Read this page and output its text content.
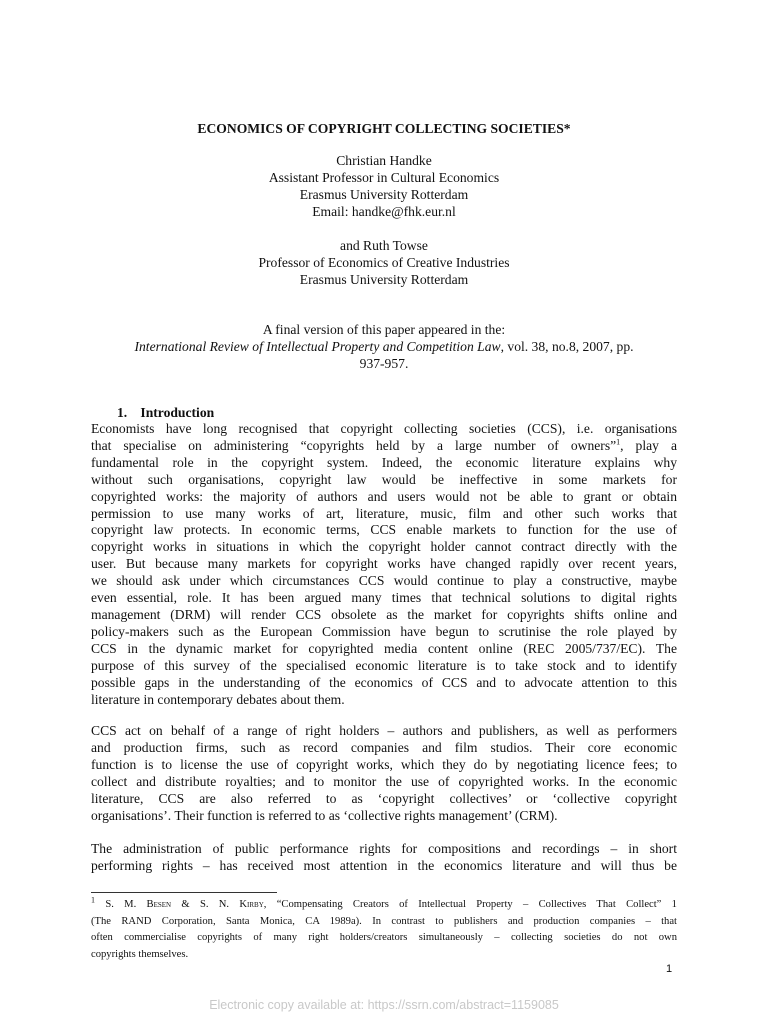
ECONOMICS OF COPYRIGHT COLLECTING SOCIETIES*
Christian Handke
Assistant Professor in Cultural Economics
Erasmus University Rotterdam
Email: handke@fhk.eur.nl
and Ruth Towse
Professor of Economics of Creative Industries
Erasmus University Rotterdam
A final version of this paper appeared in the:
International Review of Intellectual Property and Competition Law, vol. 38, no.8, 2007, pp.
937-957.
1. Introduction

Economists have long recognised that copyright collecting societies (CCS), i.e. organisations
that specialise on administering “copyrights held by a large number of owners”$^1$, play a
fundamental role in the copyright system. Indeed, the economic literature explains why
without such organisations, copyright law would be ineffective in some markets for
copyrighted works: the majority of authors and users would not be able to grant or obtain
permission to use many works of art, literature, music, film and other such works that
copyright law protects. In economic terms, CCS enable markets to function for the use of
copyright works in situations in which the copyright holder cannot contract directly with the
user. But because many markets for copyright works have changed rapidly over recent years,
we should ask under which circumstances CCS would continue to play a constructive, maybe
even essential, role. It has been argued many times that technical solutions to digital rights
management (DRM) will render CCS obsolete as the market for copyrights shifts online and
policy-makers such as the European Commission have begun to scrutinise the role played by
CCS in the dynamic market for copyrighted media content online (REC 2005/737/EC). The
purpose of this survey of the specialised economic literature is to take stock and to identify
possible gaps in the understanding of the economics of CCS and to advocate attention to this
literature in contemporary debates about them.

CCS act on behalf of a range of right holders – authors and publishers, as well as performers
and production firms, such as record companies and film studios. Their core economic
function is to license the use of copyright works, which they do by negotiating licence fees; to
collect and distribute royalties; and to monitor the use of copyrighted works. In the economic
literature, CCS are also referred to as ‘copyright collectives’ or ‘collective copyright
organisations’. Their function is referred to as ‘collective rights management’ (CRM).

The administration of public performance rights for compositions and recordings – in short
performing rights – has received most attention in the economics literature and will thus be

$^1$ S. M. Besen & S. N. Kirby, “Compensating Creators of Intellectual Property – Collectives That Collect” 1
(The RAND Corporation, Santa Monica, CA 1989a). In contrast to publishers and production companies – that
often commercialise copyrights of many right holders/creators simultaneously – collecting societies do not own
copyrights themselves.

1
Electronic copy available at: https://ssrn.com/abstract=1159085
